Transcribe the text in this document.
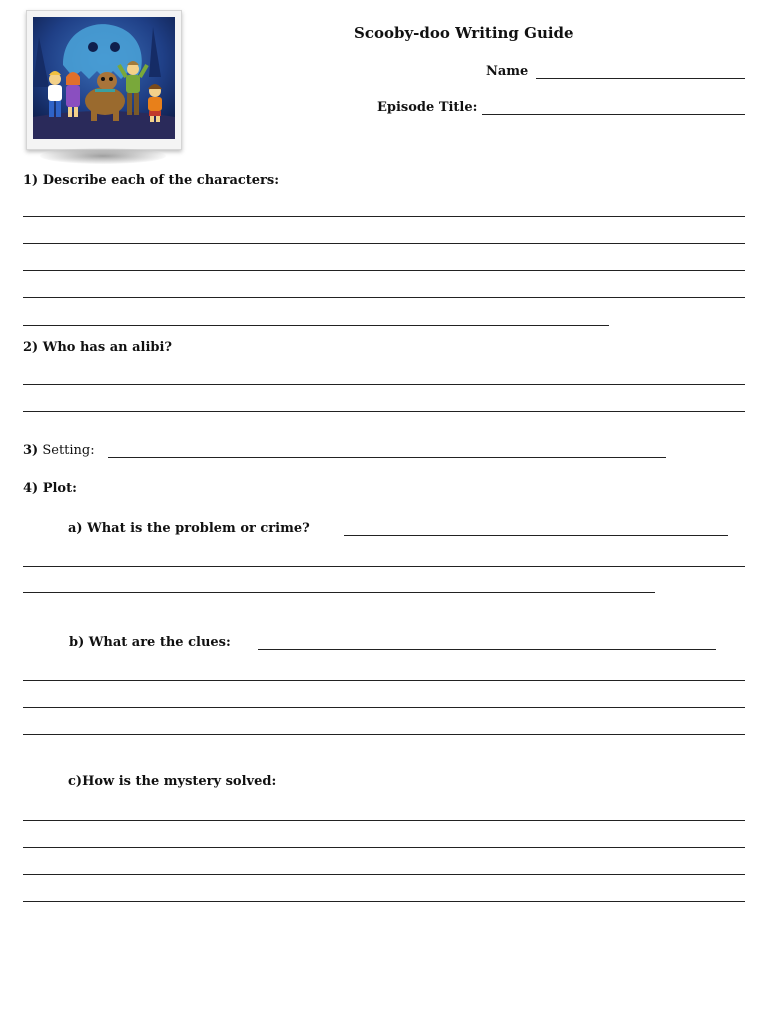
Scooby-doo Writing Guide
Name
Episode Title:
1) Describe each of the characters:
2) Who has an alibi?
3) Setting:
4) Plot:
a) What is the problem or crime?
b) What are the clues:
c)How is the mystery solved:
